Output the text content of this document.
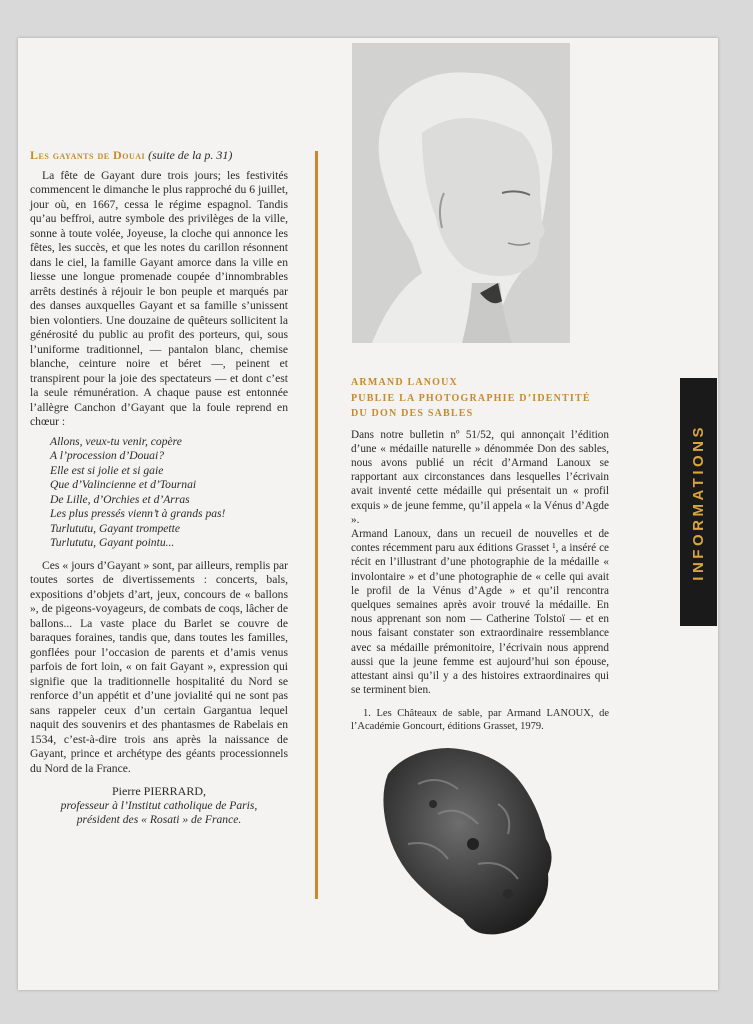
Les gayants de Douai (suite de la p. 31)

La fête de Gayant dure trois jours; les festivités commencent le dimanche le plus rapproché du 6 juillet, jour où, en 1667, cessa le régime espagnol. Tandis qu’au beffroi, autre symbole des privilèges de la ville, sonne à toute volée, Joyeuse, la cloche qui annonce les fêtes, les succès, et que les notes du carillon résonnent dans le ciel, la famille Gayant amorce dans la ville en liesse une longue promenade coupée d’innombrables arrêts destinés à réjouir le bon peuple et marqués par des danses auxquelles Gayant et sa famille s’unissent bien volontiers. Une douzaine de quêteurs sollicitent la générosité du public au profit des porteurs, qui, sous l’uniforme traditionnel, — pantalon blanc, chemise blanche, ceinture noire et béret —, peinent et transpirent pour la joie des spectateurs — et dont c’est la seule rémunération. A chaque pause est entonnée l’allègre Canchon d’Gayant que la foule reprend en chœur :

Allons, veux-tu venir, copère
A l’procession d’Douai?
Elle est si jolie et si gaie
Que d’Valincienne et d’Tournai
De Lille, d’Orchies et d’Arras
Les plus pressés vienn’t à grands pas!
Turlututu, Gayant trompette
Turlututu, Gayant pointu...

Ces « jours d’Gayant » sont, par ailleurs, remplis par toutes sortes de divertissements : concerts, bals, expositions d’objets d’art, jeux, concours de « ballons », de pigeons-voyageurs, de combats de coqs, lâcher de ballons... La vaste place du Barlet se couvre de baraques foraines, tandis que, dans toutes les familles, gonflées pour l’occasion de parents et d’amis venus parfois de fort loin, « on fait Gayant », expression qui signifie que la traditionnelle hospitalité du Nord se renforce d’un appétit et d’une jovialité qui ne sont pas sans rappeler ceux d’un certain Gargantua lequel naquit des souvenirs et des phantasmes de Rabelais en 1534, c’est-à-dire trois ans après la naissance de Gayant, prince et archétype des géants processionnels du Nord de la France.

Pierre PIERRARD,
professeur à l’Institut catholique de Paris,
président des « Rosati » de France.
ARMAND LANOUX
PUBLIE LA PHOTOGRAPHIE D’IDENTITÉ
DU DON DES SABLES

Dans notre bulletin nº 51/52, qui annonçait l’édition d’une « médaille naturelle » dénommée Don des sables, nous avons publié un récit d’Armand Lanoux se rapportant aux circonstances dans lesquelles l’écrivain avait inventé cette médaille qui présentait un « profil exquis » de jeune femme, qu’il appela « la Vénus d’Agde ».

Armand Lanoux, dans un recueil de nouvelles et de contes récemment paru aux éditions Grasset ¹, a inséré ce récit en l’illustrant d’une photographie de la médaille « involontaire » et d’une photographie de « celle qui avait le profil de la Vénus d’Agde » et qu’il rencontra quelques semaines après avoir trouvé la médaille. En nous apprenant son nom — Catherine Tolstoï — et en nous faisant constater son extraordinaire ressemblance avec sa médaille prémonitoire, l’écrivain nous apprend aussi que la jeune femme est aujourd’hui son épouse, attestant ainsi qu’il y a des histoires extraordinaires qui se terminent bien.

1. Les Châteaux de sable, par Armand LANOUX, de l’Académie Goncourt, éditions Grasset, 1979.
INFORMATIONS
